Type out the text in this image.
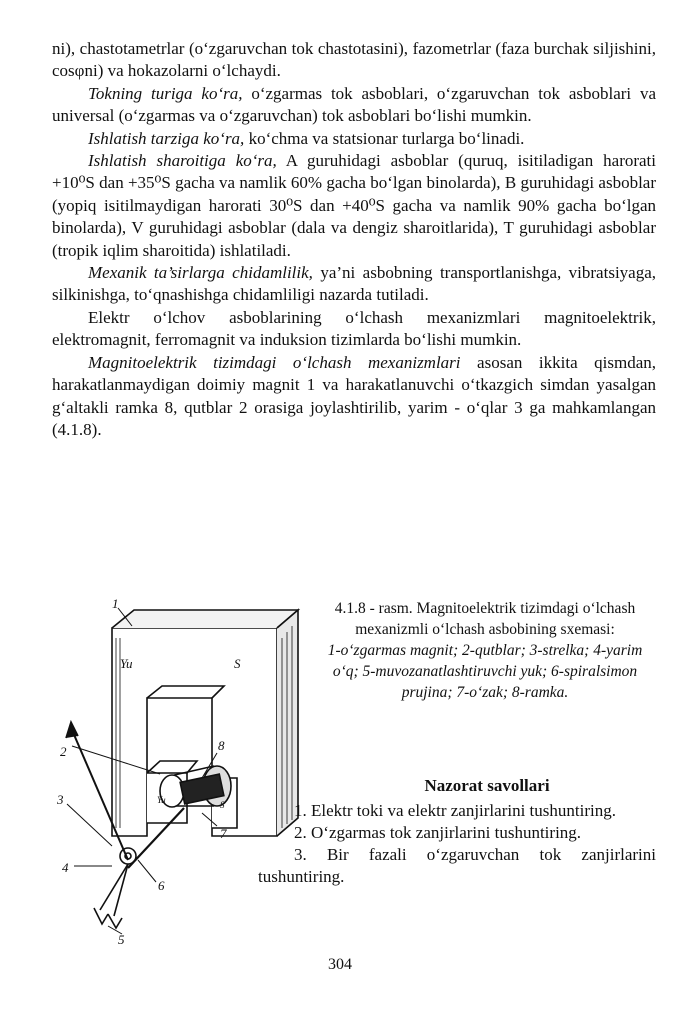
ni), chastotametrlar (o‘zgaruvchan tok chastotasini), fazometrlar (faza burchak siljishini, cosφni) va hokazolarni o‘lchaydi.

Tokning turiga ko‘ra, o‘zgarmas tok asboblari, o‘zgaruvchan tok asboblari va universal (o‘zgarmas va o‘zgaruvchan) tok asboblari bo‘lishi mumkin.

Ishlatish tarziga ko‘ra, ko‘chma va statsionar turlarga bo‘linadi.

Ishlatish sharoitiga ko‘ra, A guruhidagi asboblar (quruq, isitiladigan harorati +10⁰S dan +35⁰S gacha va namlik 60% gacha bo‘lgan binolarda), B guruhidagi asboblar (yopiq isitilmaydigan harorati 30⁰S dan +40⁰S gacha va namlik 90% gacha bo‘lgan binolarda), V guruhidagi asboblar (dala va dengiz sharoitlarida), T guruhidagi asboblar (tropik iqlim sharoitida) ishlatiladi.

Mexanik ta’sirlarga chidamlilik, ya’ni asbobning transportlanishga, vibratsiyaga, silkinishga, to‘qnashishga chidamliligi nazarda tutiladi.

Elektr o‘lchov asboblarining o‘lchash mexanizmlari magnitoelektrik, elektromagnit, ferromagnit va induksion tizimlarda bo‘lishi mumkin.

Magnitoelektrik tizimdagi o‘lchash mexanizmlari asosan ikkita qismdan, harakatlanmaydigan doimiy magnit 1 va harakatlanuvchi o‘tkazgich simdan yasalgan g‘altakli ramka 8, qutblar 2 orasiga joylashtirilib, yarim - o‘qlar 3 ga mahkamlangan (4.1.8).

Yu	S
Yu	S
1
2
3
4
5
6
7
8
4.1.8 - rasm. Magnitoelektrik tizimdagi o‘lchash mexanizmli o‘lchash asbobining sxemasi:
1-o‘zgarmas magnit; 2-qutblar; 3-strelka; 4-yarim o‘q; 5-muvozanatlashtiruvchi yuk; 6-spiralsimon prujina; 7-o‘zak; 8-ramka.

Nazorat savollari

1. Elektr toki va elektr zanjirlarini tushuntiring.

2. O‘zgarmas tok zanjirlarini tushuntiring.

3. Bir fazali o‘zgaruvchan tok zanjirlarini tushuntiring.

304
